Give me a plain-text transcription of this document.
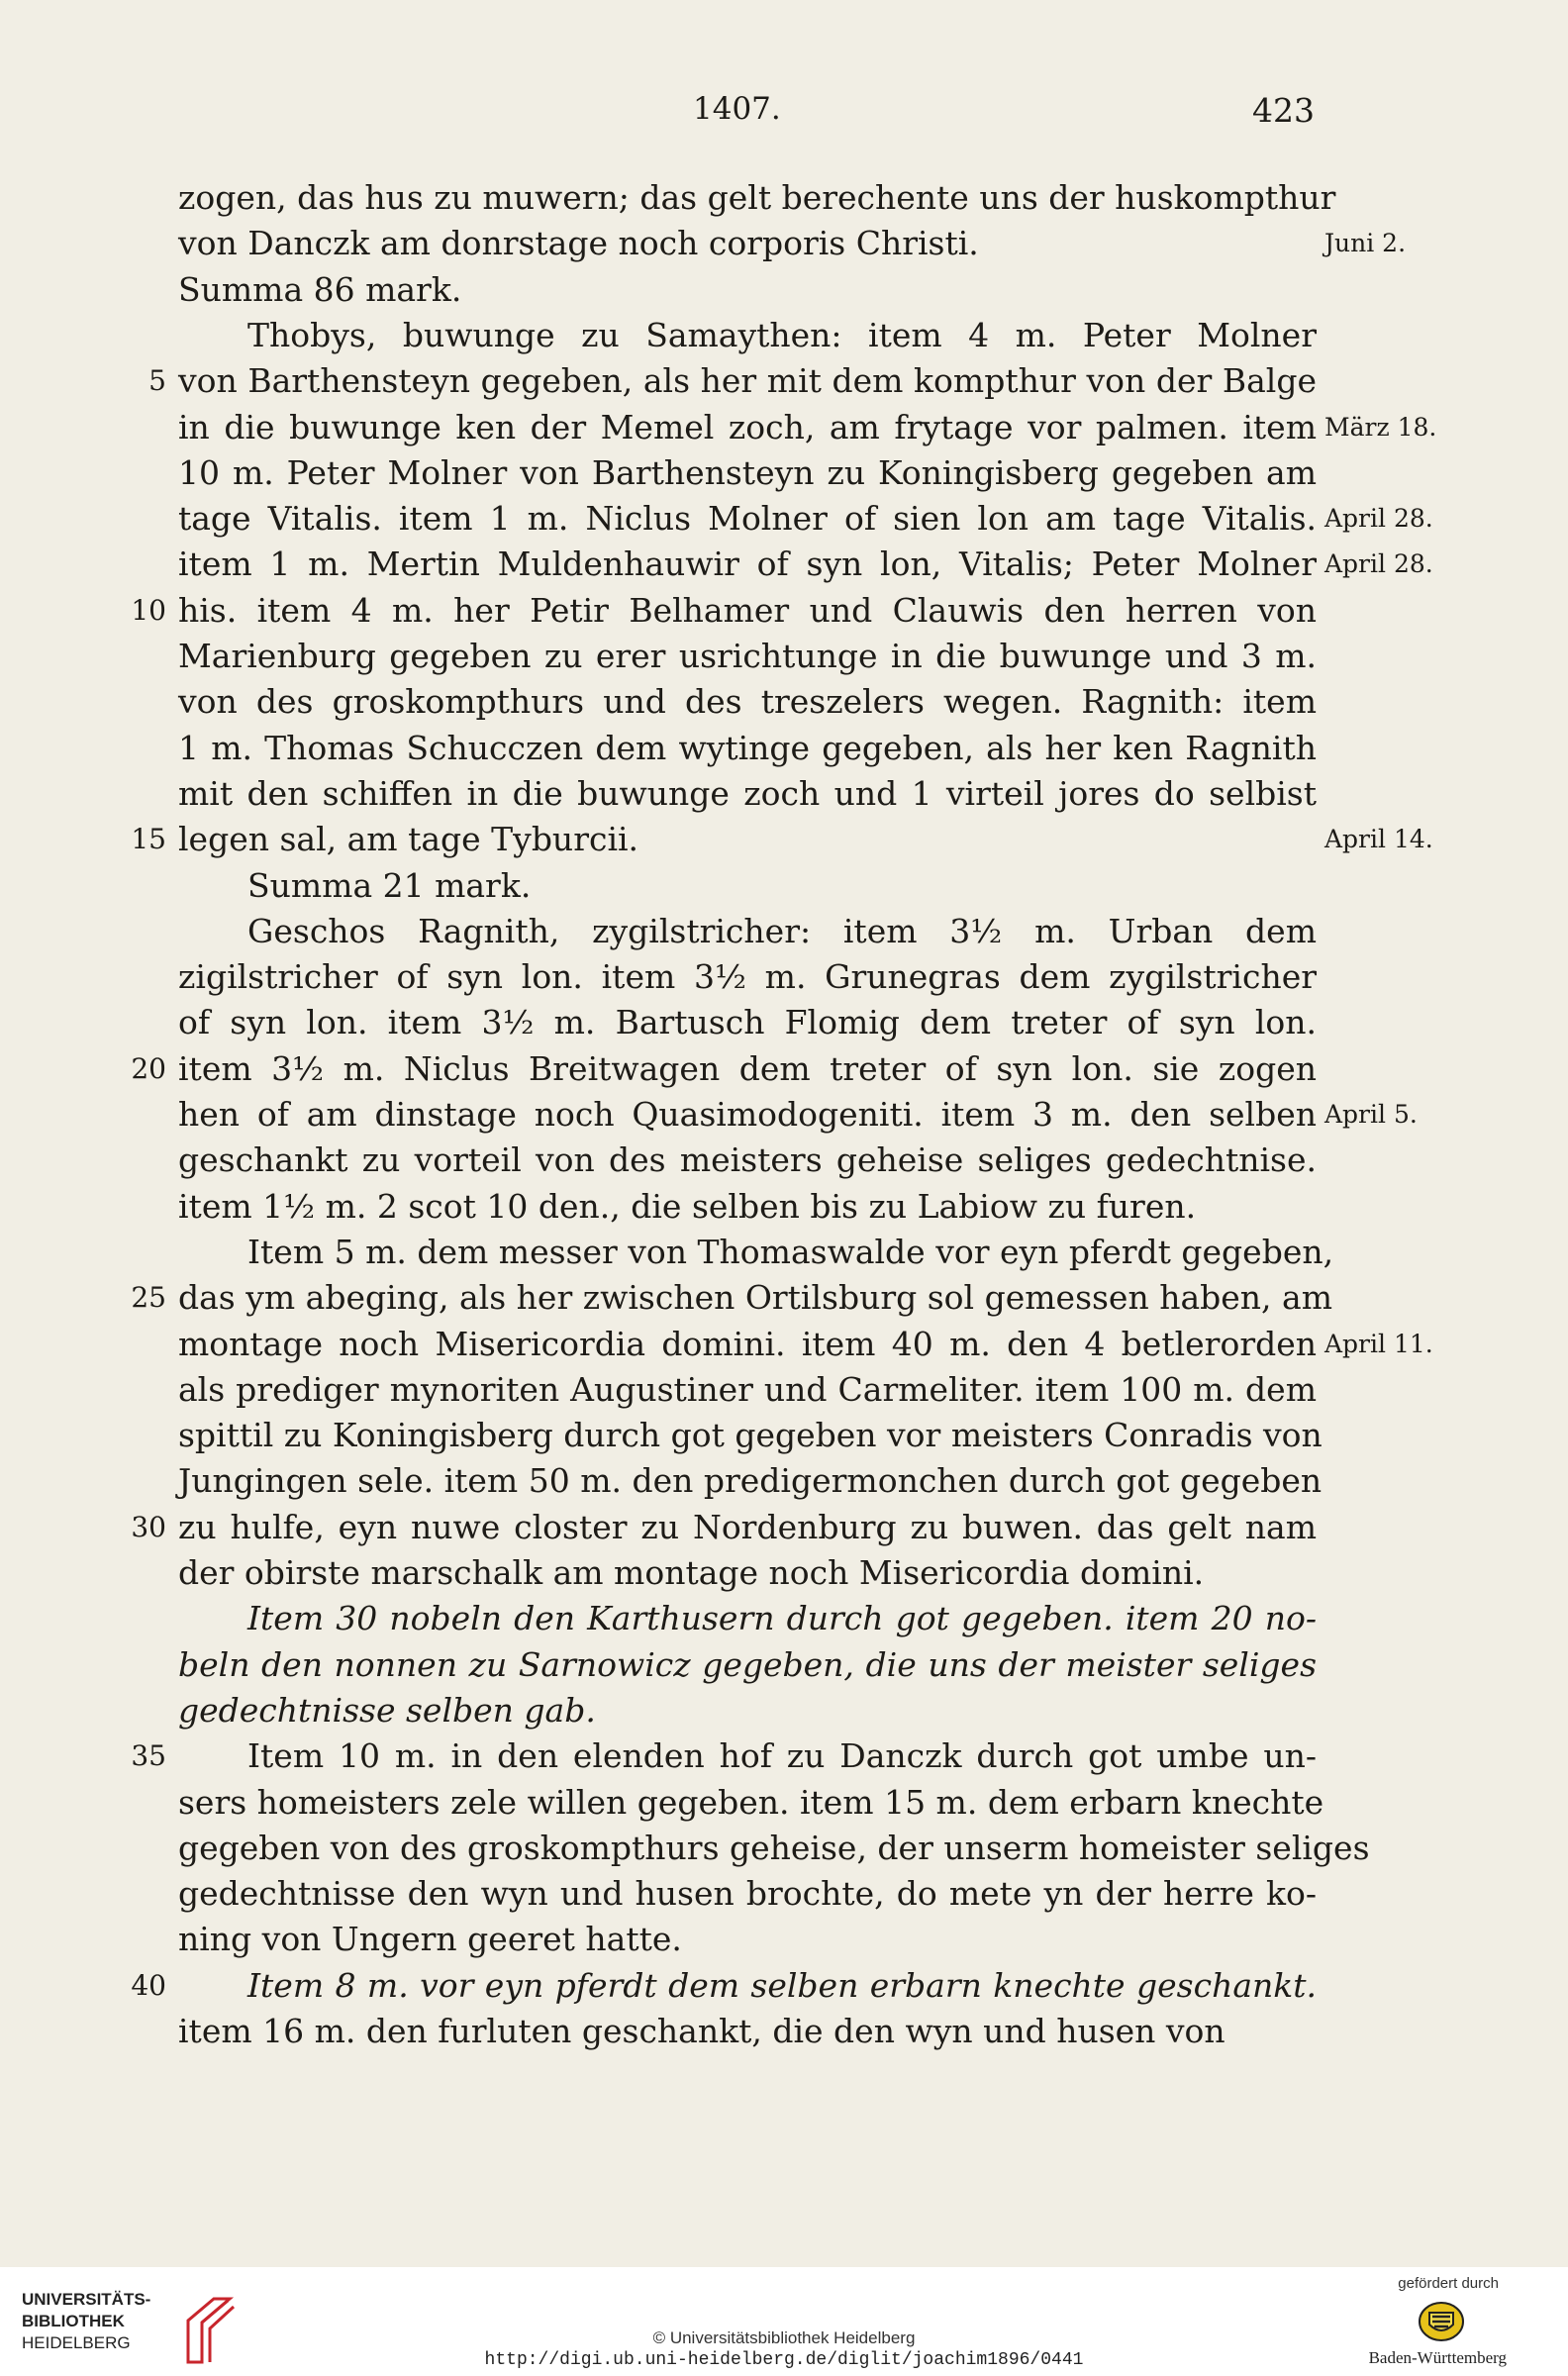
1407.	423
zogen, das hus zu muwern; das gelt berechente uns der huskompthur
von Danczk am donrstage noch corporis Christi.	Juni 2.
Summa 86 mark.
Thobys, buwunge zu Samaythen: item 4 m. Peter Molner
von Barthensteyn gegeben, als her mit dem kompthur von der Balge
5
in die buwunge ken der Memel zoch, am frytage vor palmen. item März 18.
10 m. Peter Molner von Barthensteyn zu Koningisberg gegeben am
tage Vitalis. item 1 m. Niclus Molner of sien lon am tage Vitalis. April 28.
item 1 m. Mertin Muldenhauwir of syn lon, Vitalis; Peter Molner April 28.
his. item 4 m. her Petir Belhamer und Clauwis den herren von
10
Marienburg gegeben zu erer usrichtunge in die buwunge und 3 m.
von des groskompthurs und des treszelers wegen. Ragnith: item
1 m. Thomas Schucczen dem wytinge gegeben, als her ken Ragnith
mit den schiffen in die buwunge zoch und 1 virteil jores do selbist
legen sal, am tage Tyburcii.
15	April 14.
Summa 21 mark.
Geschos Ragnith, zygilstricher: item 3½ m. Urban dem
zigilstricher of syn lon. item 3½ m. Grunegras dem zygilstricher
of syn lon. item 3½ m. Bartusch Flomig dem treter of syn lon.
item 3½ m. Niclus Breitwagen dem treter of syn lon. sie zogen
20
hen of am dinstage noch Quasimodogeniti. item 3 m. den selben April 5.
geschankt zu vorteil von des meisters geheise seliges gedechtnise.
item 1½ m. 2 scot 10 den., die selben bis zu Labiow zu furen.
Item 5 m. dem messer von Thomaswalde vor eyn pferdt gegeben,
das ym abeging, als her zwischen Ortilsburg sol gemessen haben, am
25
montage noch Misericordia domini. item 40 m. den 4 betlerorden April 11.
als prediger mynoriten Augustiner und Carmeliter. item 100 m. dem
spittil zu Koningisberg durch got gegeben vor meisters Conradis von
Jungingen sele. item 50 m. den predigermonchen durch got gegeben
zu hulfe, eyn nuwe closter zu Nordenburg zu buwen. das gelt nam
30
der obirste marschalk am montage noch Misericordia domini.
Item 30 nobeln den Karthusern durch got gegeben. item 20 no-
beln den nonnen zu Sarnowicz gegeben, die uns der meister seliges
gedechtnisse selben gab.
Item 10 m. in den elenden hof zu Danczk durch got umbe un-
35
sers homeisters zele willen gegeben. item 15 m. dem erbarn knechte
gegeben von des groskompthurs geheise, der unserm homeister seliges
gedechtnisse den wyn und husen brochte, do mete yn der herre ko-
ning von Ungern geeret hatte.
Item 8 m. vor eyn pferdt dem selben erbarn knechte geschankt.
40
item 16 m. den furluten geschankt, die den wyn und husen von
UNIVERSITÄTS-
BIBLIOTHEK
HEIDELBERG	© Universitätsbibliothek Heidelberg
http://digi.ub.uni-heidelberg.de/diglit/joachim1896/0441
gefördert durch
Baden-Württemberg
